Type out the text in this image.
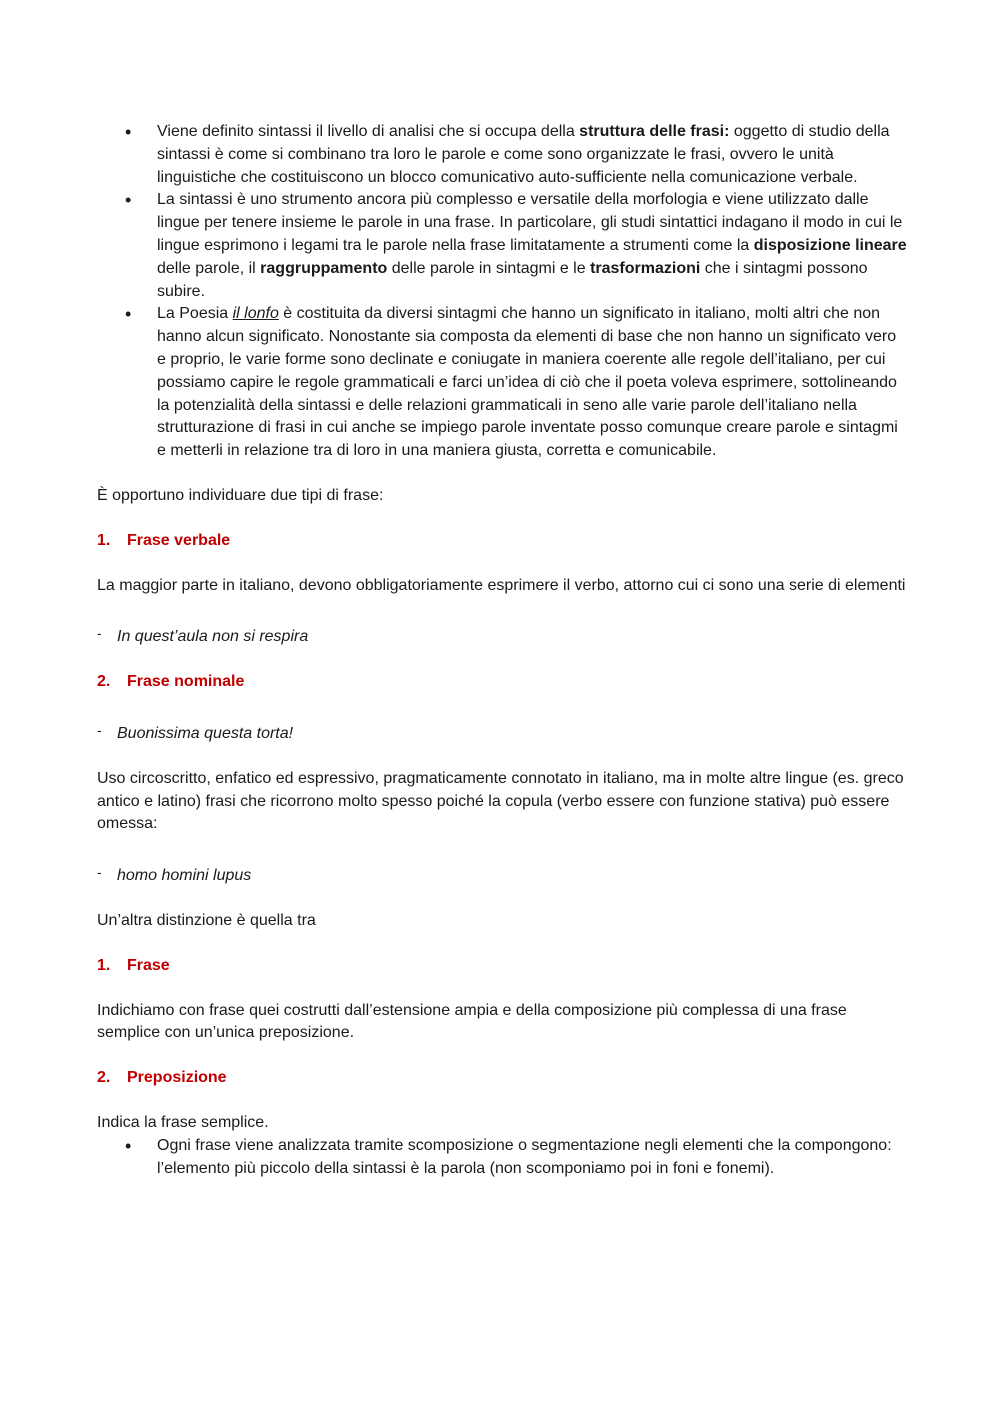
• Viene definito sintassi il livello di analisi che si occupa della struttura delle frasi: oggetto di studio della sintassi è come si combinano tra loro le parole e come sono organizzate le frasi, ovvero le unità linguistiche che costituiscono un blocco comunicativo auto-sufficiente nella comunicazione verbale.
• La sintassi è uno strumento ancora più complesso e versatile della morfologia e viene utilizzato dalle lingue per tenere insieme le parole in una frase. In particolare, gli studi sintattici indagano il modo in cui le lingue esprimono i legami tra le parole nella frase limitatamente a strumenti come la disposizione lineare delle parole, il raggruppamento delle parole in sintagmi e le trasformazioni che i sintagmi possono subire.
• La Poesia il lonfo è costituita da diversi sintagmi che hanno un significato in italiano, molti altri che non hanno alcun significato. Nonostante sia composta da elementi di base che non hanno un significato vero e proprio, le varie forme sono declinate e coniugate in maniera coerente alle regole dell’italiano, per cui possiamo capire le regole grammaticali e farci un’idea di ciò che il poeta voleva esprimere, sottolineando la potenzialità della sintassi e delle relazioni grammaticali in seno alle varie parole dell’italiano nella strutturazione di frasi in cui anche se impiego parole inventate posso comunque creare parole e sintagmi e metterli in relazione tra di loro in una maniera giusta, corretta e comunicabile.

È opportuno individuare due tipi di frase:

1. Frase verbale

La maggior parte in italiano, devono obbligatoriamente esprimere il verbo, attorno cui ci sono una serie di elementi

- In quest’aula non si respira

2. Frase nominale

- Buonissima questa torta!

Uso circoscritto, enfatico ed espressivo, pragmaticamente connotato in italiano, ma in molte altre lingue (es. greco antico e latino) frasi che ricorrono molto spesso poiché la copula (verbo essere con funzione stativa) può essere omessa:

- homo homini lupus

Un’altra distinzione è quella tra

1. Frase

Indichiamo con frase quei costrutti dall’estensione ampia e della composizione più complessa di una frase semplice con un’unica preposizione.

2. Preposizione

Indica la frase semplice.

• Ogni frase viene analizzata tramite scomposizione o segmentazione negli elementi che la compongono: l’elemento più piccolo della sintassi è la parola (non scomponiamo poi in foni e fonemi).
